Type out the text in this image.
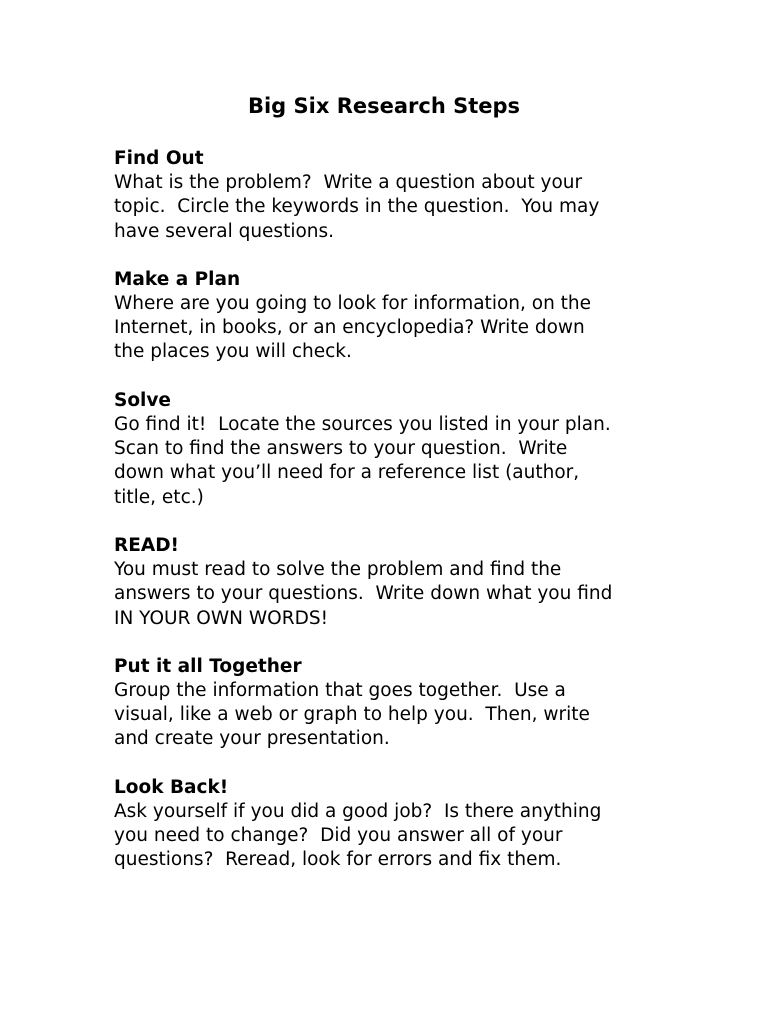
Big Six Research Steps
Find Out
What is the problem?  Write a question about your
topic.  Circle the keywords in the question.  You may
have several questions.
Make a Plan
Where are you going to look for information, on the
Internet, in books, or an encyclopedia? Write down
the places you will check.
Solve
Go find it!  Locate the sources you listed in your plan.
Scan to find the answers to your question.  Write
down what you’ll need for a reference list (author,
title, etc.)
READ!
You must read to solve the problem and find the
answers to your questions.  Write down what you find
IN YOUR OWN WORDS!
Put it all Together
Group the information that goes together.  Use a
visual, like a web or graph to help you.  Then, write
and create your presentation.
Look Back!
Ask yourself if you did a good job?  Is there anything
you need to change?  Did you answer all of your
questions?  Reread, look for errors and fix them.
